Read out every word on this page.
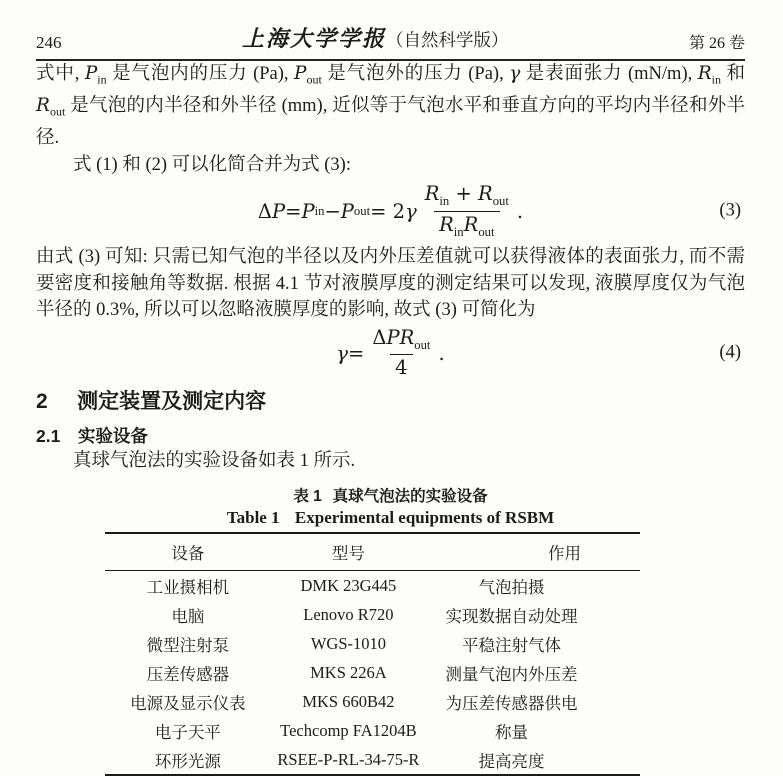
246	上海大学学报（自然科学版）	第 26 卷

式中, $P_{in}$ 是气泡内的压力 (Pa), $P_{out}$ 是气泡外的压力 (Pa), γ 是表面张力 (mN/m), $R_{in}$ 和 $R_{out}$ 是气泡的内半径和外半径 (mm), 近似等于气泡水平和垂直方向的平均内半径和外半径.

式 (1) 和 (2) 可以化简合并为式 (3):

Δ P = P in − P out = 2 γ $\frac{R_{in} + R_{out}}{R_{in}R_{out}}$ .	(3)

由式 (3) 可知: 只需已知气泡的半径以及内外压差值就可以获得液体的表面张力, 而不需要密度和接触角等数据. 根据 4.1 节对液膜厚度的测定结果可以发现, 液膜厚度仅为气泡半径的 0.3%, 所以可以忽略液膜厚度的影响, 故式 (3) 可简化为

$\gamma = \frac{\Delta PR_{out}}{4}$ .	(4)
2 测定装置及测定内容
2.1 实验设备

真球气泡法的实验设备如表 1 所示.

表 1 真球气泡法的实验设备
Table 1 Experimental equipments of RSBM
设备	型号	作用
工业摄相机	DMK 23G445	气泡拍摄
电脑	Lenovo R720	实现数据自动处理
微型注射泵	WGS-1010	平稳注射气体
压差传感器	MKS 226A	测量气泡内外压差
电源及显示仪表	MKS 660B42	为压差传感器供电
电子天平	Techcomp FA1204B	称量
环形光源	RSEE-P-RL-34-75-R	提高亮度
